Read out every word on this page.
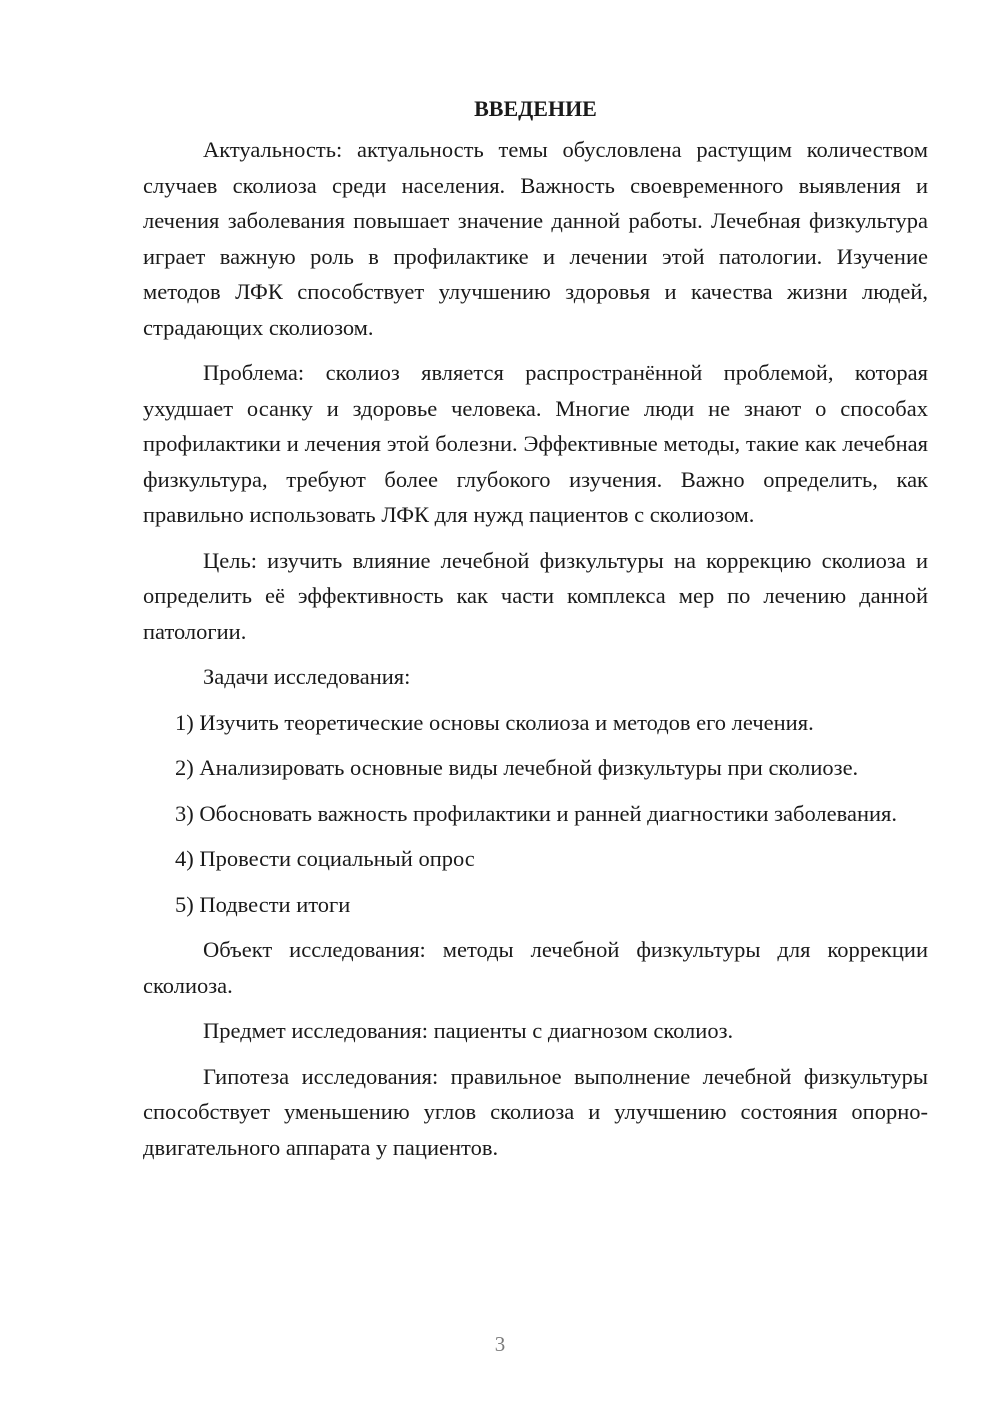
ВВЕДЕНИЕ

Актуальность: актуальность темы обусловлена растущим количеством случаев сколиоза среди населения. Важность своевременного выявления и лечения заболевания повышает значение данной работы. Лечебная физкультура играет важную роль в профилактике и лечении этой патологии. Изучение методов ЛФК способствует улучшению здоровья и качества жизни людей, страдающих сколиозом.

Проблема: сколиоз является распространённой проблемой, которая ухудшает осанку и здоровье человека. Многие люди не знают о способах профилактики и лечения этой болезни. Эффективные методы, такие как лечебная физкультура, требуют более глубокого изучения. Важно определить, как правильно использовать ЛФК для нужд пациентов с сколиозом.

Цель: изучить влияние лечебной физкультуры на коррекцию сколиоза и определить её эффективность как части комплекса мер по лечению данной патологии.

Задачи исследования:

1) Изучить теоретические основы сколиоза и методов его лечения.

2) Анализировать основные виды лечебной физкультуры при сколиозе.

3) Обосновать важность профилактики и ранней диагностики заболевания.

4) Провести социальный опрос

5) Подвести итоги

Объект исследования: методы лечебной физкультуры для коррекции сколиоза.

Предмет исследования: пациенты с диагнозом сколиоз.

Гипотеза исследования: правильное выполнение лечебной физкультуры способствует уменьшению углов сколиоза и улучшению состояния опорно-двигательного аппарата у пациентов.

3
